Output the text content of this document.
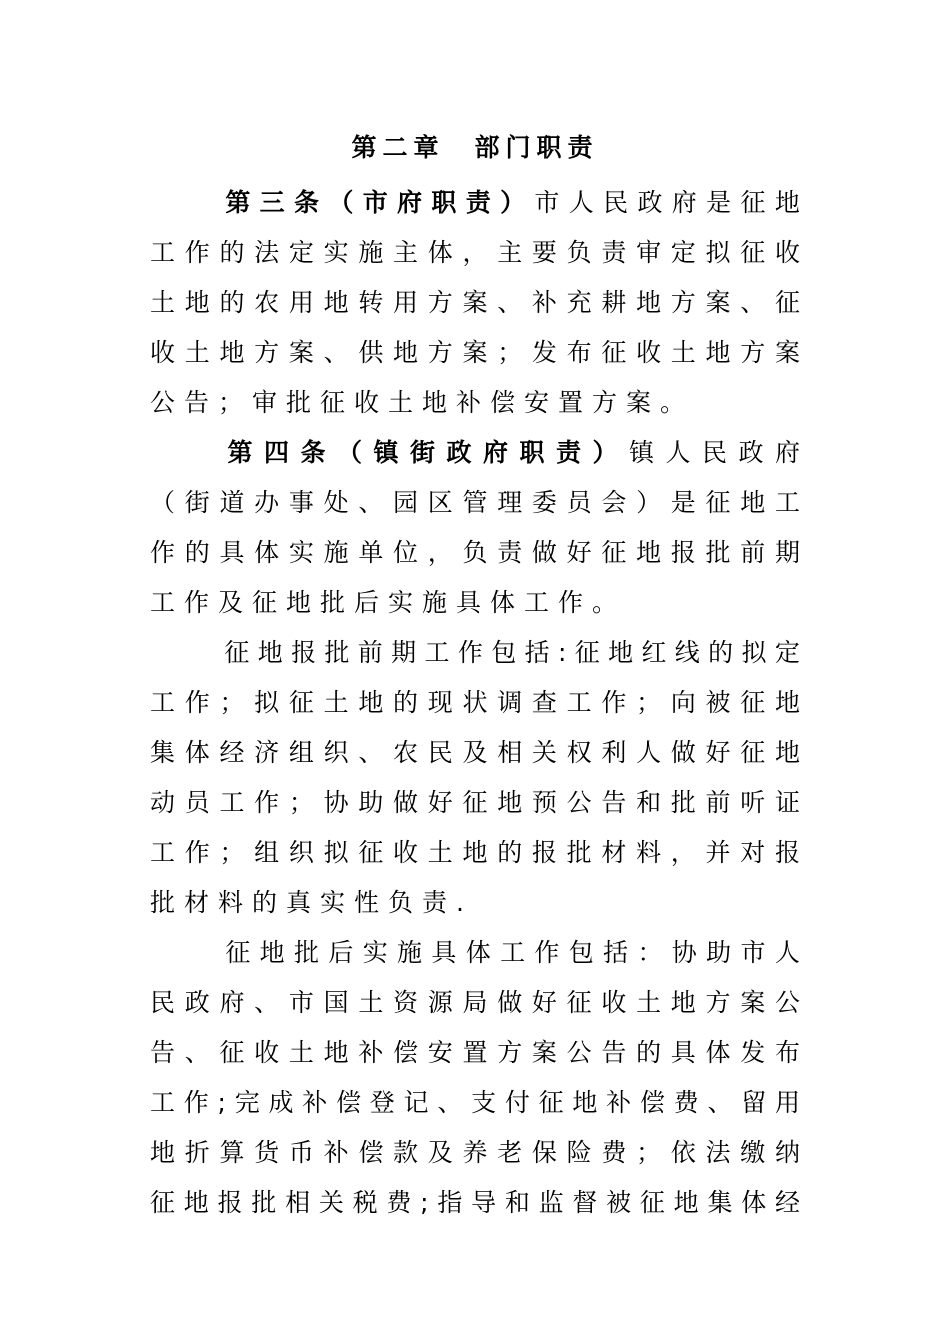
第二章 部门职责
第 三 条 （ 市 府 职 责 ） 市 人 民 政 府 是 征 地
工 作 的 法 定 实 施 主 体 ， 主 要 负 责 审 定 拟 征 收
土 地 的 农 用 地 转 用 方 案 、 补 充 耕 地 方 案 、 征
收 土 地 方 案 、 供 地 方 案 ； 发 布 征 收 土 地 方 案
公告；审批征收土地补偿安置方案。
第 四 条 （ 镇 街 政 府 职 责 ） 镇 人 民 政 府
（ 街 道 办 事 处 、 园 区 管 理 委 员 会 ） 是 征 地 工
作 的 具 体 实 施 单 位 ， 负 责 做 好 征 地 报 批 前 期
工作及征地批后实施具体工作。
征 地 报 批 前 期 工 作 包 括 : 征 地 红 线 的 拟 定
工 作 ； 拟 征 土 地 的 现 状 调 查 工 作 ； 向 被 征 地
集 体 经 济 组 织 、 农 民 及 相 关 权 利 人 做 好 征 地
动 员 工 作 ； 协 助 做 好 征 地 预 公 告 和 批 前 听 证
工 作 ； 组 织 拟 征 收 土 地 的 报 批 材 料 ， 并 对 报
批材料的真实性负责.
征 地 批 后 实 施 具 体 工 作 包 括 ： 协 助 市 人
民 政 府 、 市 国 土 资 源 局 做 好 征 收 土 地 方 案 公
告 、 征 收 土 地 补 偿 安 置 方 案 公 告 的 具 体 发 布
工 作 ; 完 成 补 偿 登 记 、 支 付 征 地 补 偿 费 、 留 用
地 折 算 货 币 补 偿 款 及 养 老 保 险 费 ； 依 法 缴 纳
征 地 报 批 相 关 税 费 ; 指 导 和 监 督 被 征 地 集 体 经
